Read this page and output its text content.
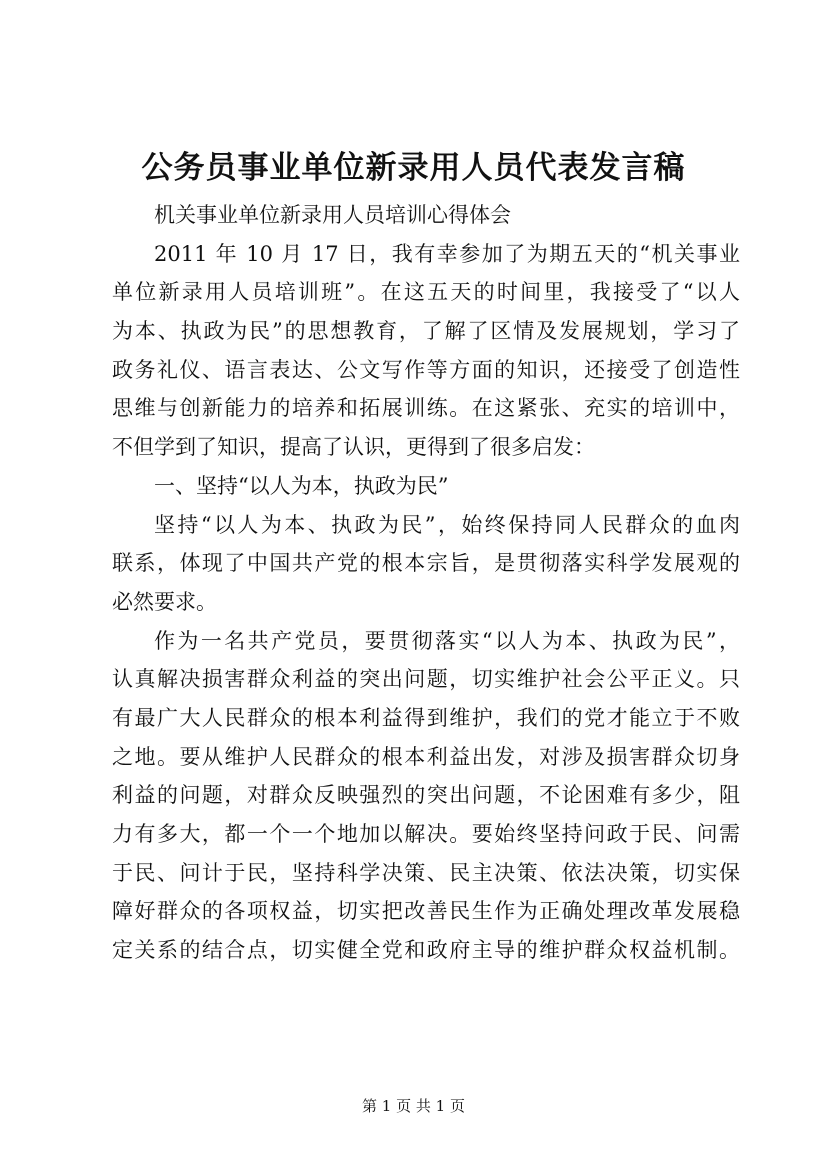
公务员事业单位新录用人员代表发言稿
机关事业单位新录用人员培训心得体会
2011 年 10 月 17 日，我有幸参加了为期五天的“机关事业
单位新录用人员培训班”。在这五天的时间里，我接受了“以人
为本、执政为民”的思想教育，了解了区情及发展规划，学习了
政务礼仪、语言表达、公文写作等方面的知识，还接受了创造性
思维与创新能力的培养和拓展训练。在这紧张、充实的培训中，
不但学到了知识，提高了认识，更得到了很多启发：
一、坚持“以人为本，执政为民”
坚持“以人为本、执政为民”，始终保持同人民群众的血肉
联系，体现了中国共产党的根本宗旨，是贯彻落实科学发展观的
必然要求。
作为一名共产党员，要贯彻落实“以人为本、执政为民”，
认真解决损害群众利益的突出问题，切实维护社会公平正义。只
有最广大人民群众的根本利益得到维护，我们的党才能立于不败
之地。要从维护人民群众的根本利益出发，对涉及损害群众切身
利益的问题，对群众反映强烈的突出问题，不论困难有多少，阻
力有多大，都一个一个地加以解决。要始终坚持问政于民、问需
于民、问计于民，坚持科学决策、民主决策、依法决策，切实保
障好群众的各项权益，切实把改善民生作为正确处理改革发展稳
定关系的结合点，切实健全党和政府主导的维护群众权益机制。
第 1 页 共 1 页
